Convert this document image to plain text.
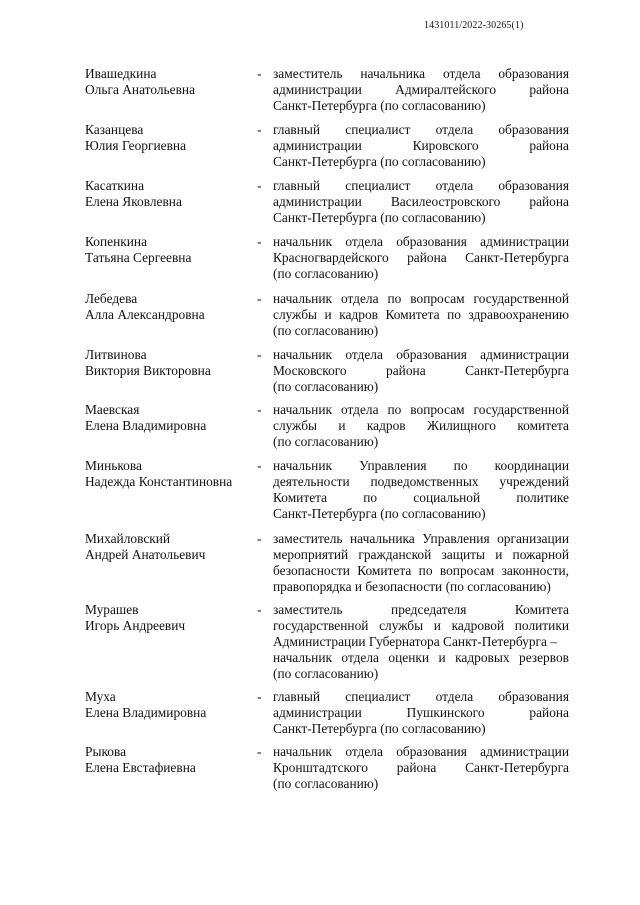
1431011/2022-30265(1)
Ивашедкина
Ольга Анатольевна
- заместитель начальника отдела образования
администрации Адмиралтейского района
Санкт-Петербурга (по согласованию)
Казанцева
Юлия Георгиевна
- главный специалист отдела образования
администрации Кировского района
Санкт-Петербурга (по согласованию)
Касаткина
Елена Яковлевна
- главный специалист отдела образования
администрации Василеостровского района
Санкт-Петербурга (по согласованию)
Копенкина
Татьяна Сергеевна
- начальник отдела образования администрации
Красногвардейского района Санкт-Петербурга
(по согласованию)
Лебедева
Алла Александровна
- начальник отдела по вопросам государственной
службы и кадров Комитета по здравоохранению
(по согласованию)
Литвинова
Виктория Викторовна
- начальник отдела образования администрации
Московского района Санкт-Петербурга
(по согласованию)
Маевская
Елена Владимировна
- начальник отдела по вопросам государственной
службы и кадров Жилищного комитета
(по согласованию)
Минькова
Надежда Константиновна
- начальник Управления по координации
деятельности подведомственных учреждений
Комитета по социальной политике
Санкт-Петербурга (по согласованию)
Михайловский
Андрей Анатольевич
- заместитель начальника Управления организации
мероприятий гражданской защиты и пожарной
безопасности Комитета по вопросам законности,
правопорядка и безопасности (по согласованию)
Мурашев
Игорь Андреевич
- заместитель председателя Комитета
государственной службы и кадровой политики
Администрации Губернатора Санкт-Петербурга –
начальник отдела оценки и кадровых резервов
(по согласованию)
Муха
Елена Владимировна
- главный специалист отдела образования
администрации Пушкинского района
Санкт-Петербурга (по согласованию)
Рыкова
Елена Евстафиевна
- начальник отдела образования администрации
Кронштадтского района Санкт-Петербурга
(по согласованию)
